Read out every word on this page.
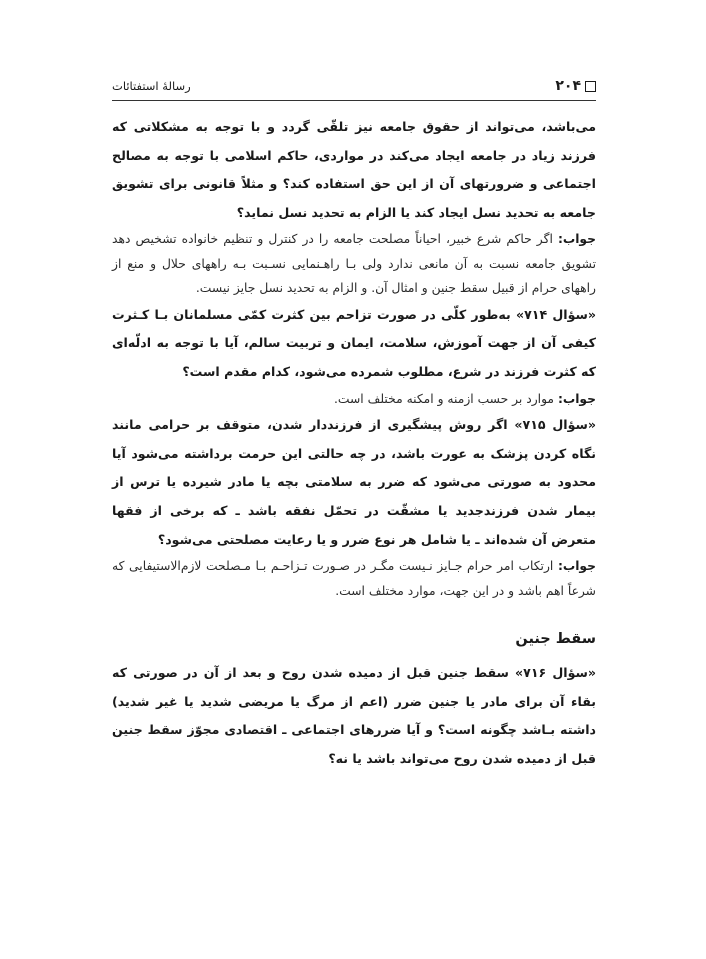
۲۰۴
رسالهٔ استفتائات

می‌باشد، می‌تواند از حقوق جامعه نیز تلقّی گردد و با توجه به مشکلاتی که فرزند زیاد در جامعه ایجاد می‌کند در مواردی، حاکم اسلامی با توجه به مصالح اجتماعی و ضرورتهای آن از این حق استفاده کند؟ و مثلاً قانونی برای تشویق جامعه به تحدید نسل ایجاد کند یا الزام به تحدید نسل نماید؟

جواب: اگر حاکم شرع خبیر، احیاناً مصلحت جامعه را در کنترل و تنظیم خانواده تشخیص دهد تشویق جامعه نسبت به آن مانعی ندارد ولی بـا راهـنمایی نسـبت بـه راههای حلال و منع از راههای حرام از قبیل سقط جنین و امثال آن. و الزام به تحدید نسل جایز نیست.

«سؤال ۷۱۴» به‌طور کلّی در صورت تزاحم بین کثرت کمّی مسلمانان بـا کـثرت کیفی آن از جهت آموزش، سلامت، ایمان و تربیت سالم، آیا با توجه به ادلّه‌ای که کثرت فرزند در شرع، مطلوب شمرده می‌شود، کدام مقدم است؟

جواب: موارد بر حسب ازمنه و امکنه مختلف است.

«سؤال ۷۱۵» اگر روش پیشگیری از فرزنددار شدن، متوقف بر حرامی مانند نگاه کردن پزشک به عورت باشد، در چه حالتی این حرمت برداشته می‌شود آیا محدود به صورتی می‌شود که ضرر به سلامتی بچه یا مادر شیرده یا ترس از بیمار شدن فرزندجدید یا مشقّت در تحمّل نفقه باشد ـ که برخی از فقها متعرض آن شده‌اند ـ یا شامل هر نوع ضرر و یا رعایت مصلحتی می‌شود؟

جواب: ارتکاب امر حرام جـایز نـیست مگـر در صـورت تـزاحـم بـا مـصلحت لازم‌الاستیفایی که شرعاً اهم باشد و در این جهت، موارد مختلف است.

سقط جنین

«سؤال ۷۱۶» سقط جنین قبل از دمیده شدن روح و بعد از آن در صورتی که بقاء آن برای مادر یا جنین ضرر (اعم از مرگ یا مریضی شدید یا غیر شدید) داشته بـاشد چگونه است؟ و آیا ضررهای اجتماعی ـ اقتصادی مجوّز سقط جنین قبل از دمیده شدن روح می‌تواند باشد یا نه؟
